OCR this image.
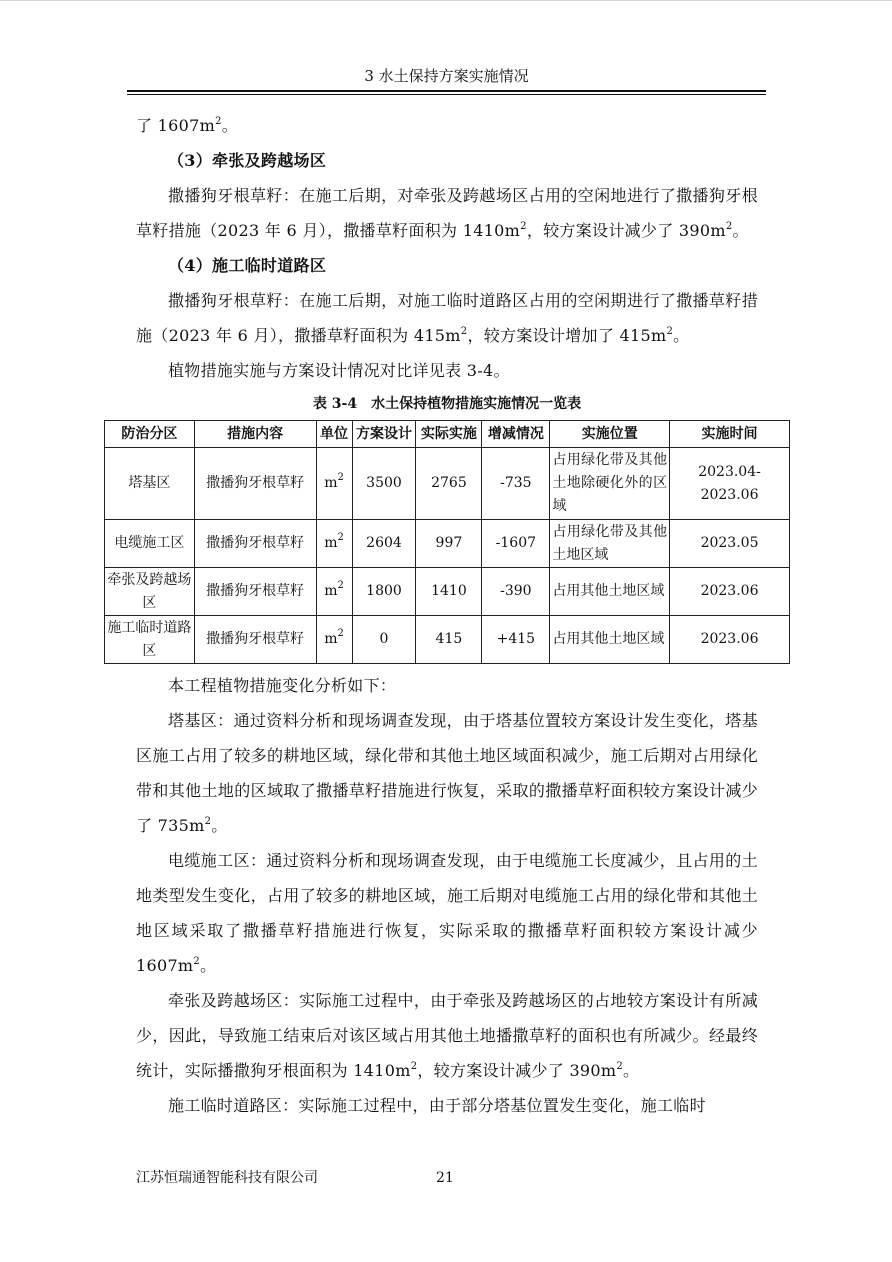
3 水土保持方案实施情况

了 $1607m^2$。

（3）牵张及跨越场区

撒播狗牙根草籽：在施工后期，对牵张及跨越场区占用的空闲地进行了撒播狗牙根草籽措施（2023 年 6 月），撒播草籽面积为 $1410m^2$，较方案设计减少了 $390m^2$。

（4）施工临时道路区

撒播狗牙根草籽：在施工后期，对施工临时道路区占用的空闲期进行了撒播草籽措施（2023 年 6 月），撒播草籽面积为 $415m^2$，较方案设计增加了 $415m^2$。

植物措施实施与方案设计情况对比详见表 3-4。

表 3-4　水土保持植物措施实施情况一览表
防治分区	措施内容	单位	方案设计	实际实施	增减情况	实施位置	实施时间
塔基区	撒播狗牙根草籽	$m^2$	3500	2765	-735	占用绿化带及其他土地除硬化外的区域	2023.04-2023.06
电缆施工区	撒播狗牙根草籽	$m^2$	2604	997	-1607	占用绿化带及其他土地区域	2023.05
牵张及跨越场区	撒播狗牙根草籽	$m^2$	1800	1410	-390	占用其他土地区域	2023.06
施工临时道路区	撒播狗牙根草籽	$m^2$	0	415	+415	占用其他土地区域	2023.06

本工程植物措施变化分析如下：

塔基区：通过资料分析和现场调查发现，由于塔基位置较方案设计发生变化，塔基区施工占用了较多的耕地区域，绿化带和其他土地区域面积减少，施工后期对占用绿化带和其他土地的区域取了撒播草籽措施进行恢复，采取的撒播草籽面积较方案设计减少了 $735m^2$。

电缆施工区：通过资料分析和现场调查发现，由于电缆施工长度减少，且占用的土地类型发生变化，占用了较多的耕地区域，施工后期对电缆施工占用的绿化带和其他土地区域采取了撒播草籽措施进行恢复，实际采取的撒播草籽面积较方案设计减少 $1607m^2$。

牵张及跨越场区：实际施工过程中，由于牵张及跨越场区的占地较方案设计有所减少，因此，导致施工结束后对该区域占用其他土地播撒草籽的面积也有所减少。经最终统计，实际播撒狗牙根面积为 $1410m^2$，较方案设计减少了 $390m^2$。

施工临时道路区：实际施工过程中，由于部分塔基位置发生变化，施工临时

江苏恒瑞通智能科技有限公司	21
